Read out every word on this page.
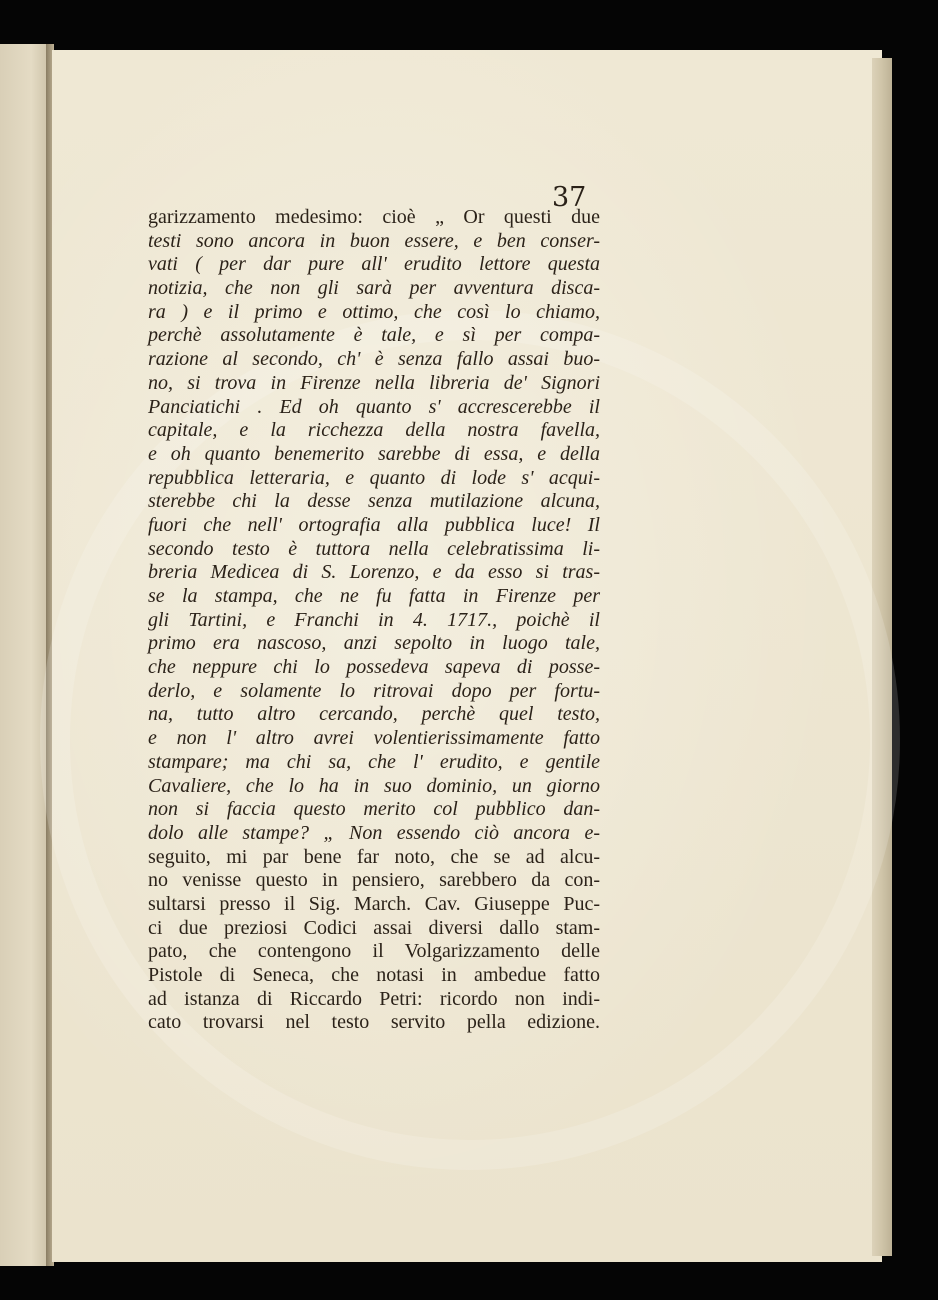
37
garizzamento medesimo: cioè „ Or questi due
testi sono ancora in buon essere, e ben conser-
vati ( per dar pure all' erudito lettore questa
notizia, che non gli sarà per avventura disca-
ra ) e il primo e ottimo, che così lo chiamo,
perchè assolutamente è tale, e sì per compa-
razione al secondo, ch' è senza fallo assai buo-
no, si trova in Firenze nella libreria de' Signori
Panciatichi . Ed oh quanto s' accrescerebbe il
capitale, e la ricchezza della nostra favella,
e oh quanto benemerito sarebbe di essa, e della
repubblica letteraria, e quanto di lode s' acqui-
sterebbe chi la desse senza mutilazione alcuna,
fuori che nell' ortografia alla pubblica luce! Il
secondo testo è tuttora nella celebratissima li-
breria Medicea di S. Lorenzo, e da esso si tras-
se la stampa, che ne fu fatta in Firenze per
gli Tartini, e Franchi in 4. 1717., poichè il
primo era nascoso, anzi sepolto in luogo tale,
che neppure chi lo possedeva sapeva di posse-
derlo, e solamente lo ritrovai dopo per fortu-
na, tutto altro cercando, perchè quel testo,
e non l' altro avrei volentierissimamente fatto
stampare; ma chi sa, che l' erudito, e gentile
Cavaliere, che lo ha in suo dominio, un giorno
non si faccia questo merito col pubblico dan-
dolo alle stampe? „ Non essendo ciò ancora e-
seguito, mi par bene far noto, che se ad alcu-
no venisse questo in pensiero, sarebbero da con-
sultarsi presso il Sig. March. Cav. Giuseppe Puc-
ci due preziosi Codici assai diversi dallo stam-
pato, che contengono il Volgarizzamento delle
Pistole di Seneca, che notasi in ambedue fatto
ad istanza di Riccardo Petri: ricordo non indi-
cato trovarsi nel testo servito pella edizione.
